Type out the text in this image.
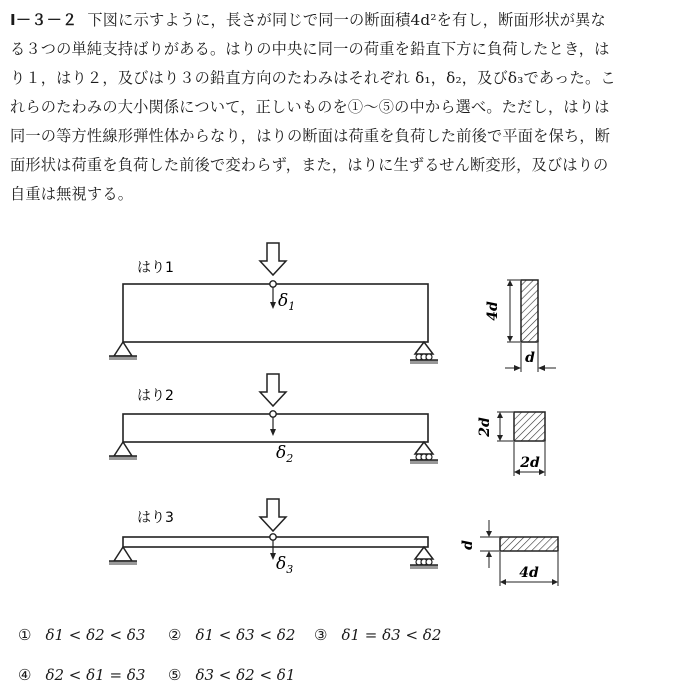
Ⅰ－３－２ 下図に示すように，長さが同じで同一の断面積4d²を有し，断面形状が異な
る３つの単純支持ばりがある。はりの中央に同一の荷重を鉛直下方に負荷したとき，は
り１，はり２，及びはり３の鉛直方向のたわみはそれぞれ δ₁，δ₂，及びδ₃であった。こ
れらのたわみの大小関係について，正しいものを①～⑤の中から選べ。ただし，はりは
同一の等方性線形弾性体からなり，はりの断面は荷重を負荷した前後で平面を保ち，断
面形状は荷重を負荷した前後で変わらず，また，はりに生ずるせん断変形，及びはりの
自重は無視する。
はり1
$\delta_1$	4d
d
はり2
$\delta_2$
2d
2d
はり3
$\delta_3$
d
4d
① δ1 < δ2 < δ3 ② δ1 < δ3 < δ2 ③ δ1 = δ3 < δ2
④ δ2 < δ1 = δ3 ⑤ δ3 < δ2 < δ1
